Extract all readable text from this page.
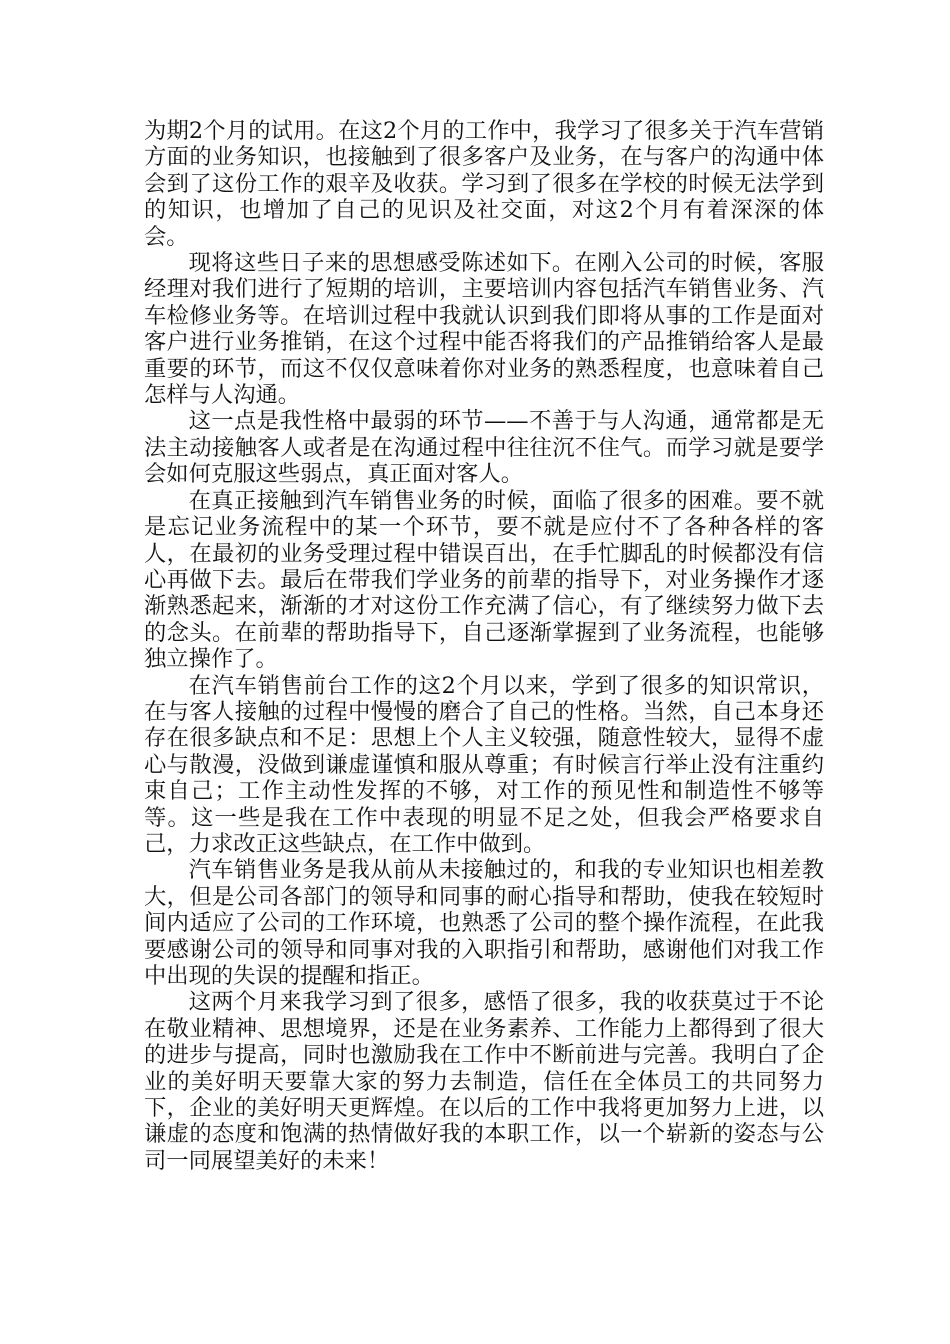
为期2个月的试用。在这2个月的工作中，我学习了很多关于汽车营销方面的业务知识，也接触到了很多客户及业务，在与客户的沟通中体会到了这份工作的艰辛及收获。学习到了很多在学校的时候无法学到的知识，也增加了自己的见识及社交面，对这2个月有着深深的体会。

现将这些日子来的思想感受陈述如下。在刚入公司的时候，客服经理对我们进行了短期的培训，主要培训内容包括汽车销售业务、汽车检修业务等。在培训过程中我就认识到我们即将从事的工作是面对客户进行业务推销，在这个过程中能否将我们的产品推销给客人是最重要的环节，而这不仅仅意味着你对业务的熟悉程度，也意味着自己怎样与人沟通。

这一点是我性格中最弱的环节——不善于与人沟通，通常都是无法主动接触客人或者是在沟通过程中往往沉不住气。而学习就是要学会如何克服这些弱点，真正面对客人。

在真正接触到汽车销售业务的时候，面临了很多的困难。要不就是忘记业务流程中的某一个环节，要不就是应付不了各种各样的客人，在最初的业务受理过程中错误百出，在手忙脚乱的时候都没有信心再做下去。最后在带我们学业务的前辈的指导下，对业务操作才逐渐熟悉起来，渐渐的才对这份工作充满了信心，有了继续努力做下去的念头。在前辈的帮助指导下，自己逐渐掌握到了业务流程，也能够独立操作了。

在汽车销售前台工作的这2个月以来，学到了很多的知识常识，在与客人接触的过程中慢慢的磨合了自己的性格。当然，自己本身还存在很多缺点和不足：思想上个人主义较强，随意性较大，显得不虚心与散漫，没做到谦虚谨慎和服从尊重；有时候言行举止没有注重约束自己；工作主动性发挥的不够，对工作的预见性和制造性不够等等。这一些是我在工作中表现的明显不足之处，但我会严格要求自己，力求改正这些缺点，在工作中做到。

汽车销售业务是我从前从未接触过的，和我的专业知识也相差教大，但是公司各部门的领导和同事的耐心指导和帮助，使我在较短时间内适应了公司的工作环境，也熟悉了公司的整个操作流程，在此我要感谢公司的领导和同事对我的入职指引和帮助，感谢他们对我工作中出现的失误的提醒和指正。

这两个月来我学习到了很多，感悟了很多，我的收获莫过于不论在敬业精神、思想境界，还是在业务素养、工作能力上都得到了很大的进步与提高，同时也激励我在工作中不断前进与完善。我明白了企业的美好明天要靠大家的努力去制造，信任在全体员工的共同努力下，企业的美好明天更辉煌。在以后的工作中我将更加努力上进，以谦虚的态度和饱满的热情做好我的本职工作，以一个崭新的姿态与公司一同展望美好的未来！
